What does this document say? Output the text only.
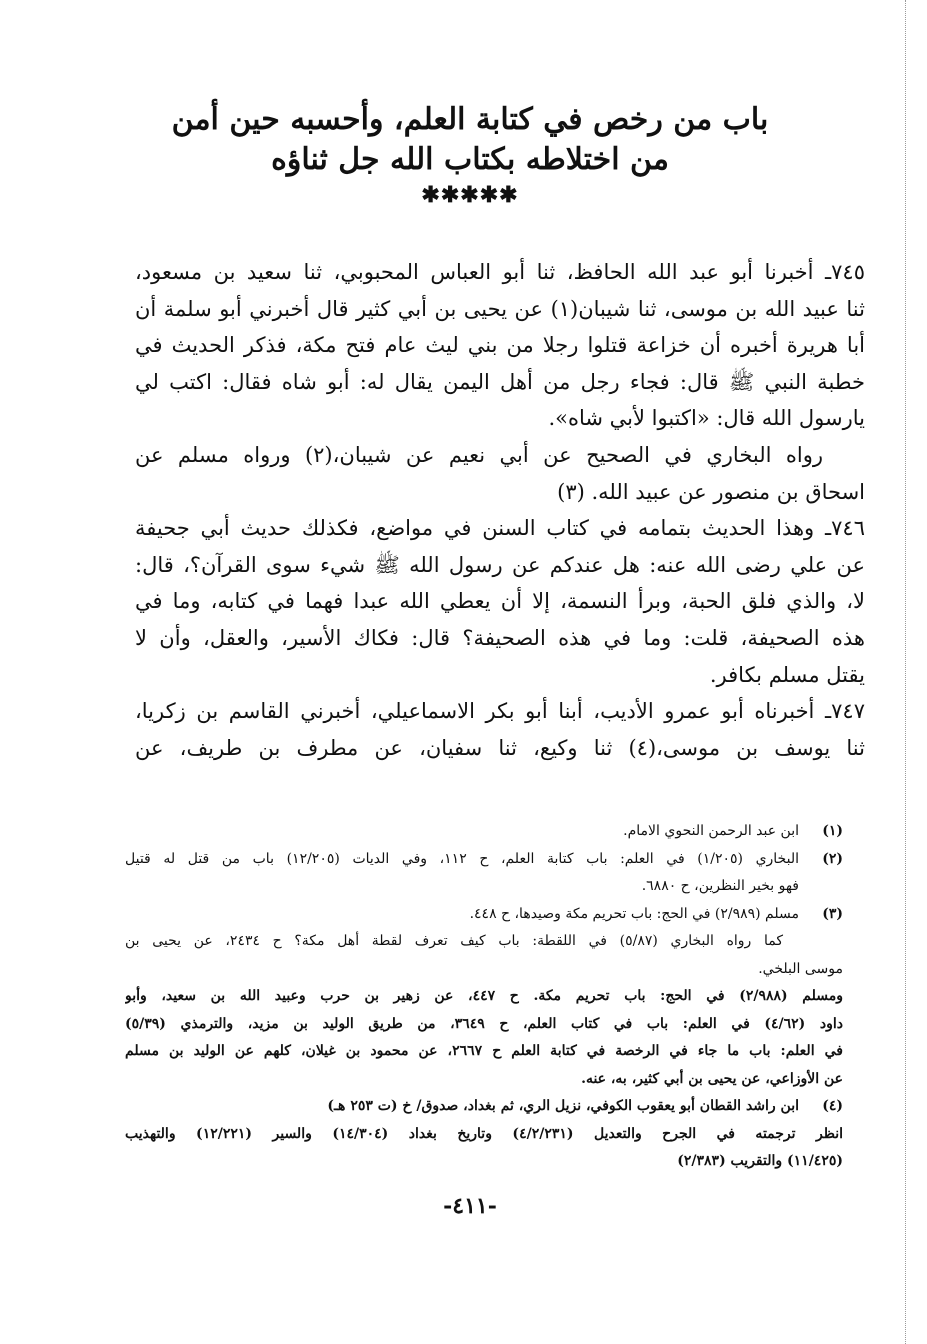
باب من رخص في كتابة العلم، وأحسبه حين أمن
من اختلاطه بكتاب الله جل ثناؤه
✱✱✱✱✱
٧٤٥ـ أخبرنا أبو عبد الله الحافظ، ثنا أبو العباس المحبوبي، ثنا سعيد بن مسعود،
ثنا عبيد الله بن موسى، ثنا شيبان(١) عن يحيى بن أبي كثير قال أخبرني أبو سلمة أن
أبا هريرة أخبره أن خزاعة قتلوا رجلا من بني ليث عام فتح مكة، فذكر الحديث في
خطبة النبي ﷺ قال: فجاء رجل من أهل اليمن يقال له: أبو شاه فقال: اكتب لي
يارسول الله قال: «اكتبوا لأبي شاه».
رواه البخاري في الصحيح عن أبي نعيم عن شيبان،(٢) ورواه مسلم عن
اسحاق بن منصور عن عبيد الله. (٣)
٧٤٦ـ وهذا الحديث بتمامه في كتاب السنن في مواضع، فكذلك حديث أبي جحيفة
عن علي رضى الله عنه: هل عندكم عن رسول الله ﷺ شيء سوى القرآن؟، قال:
لا، والذي فلق الحبة، وبرأ النسمة، إلا أن يعطي الله عبدا فهما في كتابه، وما في
هذه الصحيفة، قلت: وما في هذه الصحيفة؟ قال: فكاك الأسير، والعقل، وأن لا
يقتل مسلم بكافر.
٧٤٧ـ أخبرناه أبو عمرو الأديب، أبنا أبو بكر الاسماعيلي، أخبرني القاسم بن زكريا،
ثنا يوسف بن موسى،(٤) ثنا وكيع، ثنا سفيان، عن مطرف بن طريف، عن
(١)
ابن عبد الرحمن النحوي الامام.
(٢)
البخاري (١/٢٠٥) في العلم: باب كتابة العلم، ح ١١٢، وفي الديات (١٢/٢٠٥) باب من قتل له قتيل
فهو بخير النظرين، ح ٦٨٨٠.
(٣)
مسلم (٢/٩٨٩) في الحج: باب تحريم مكة وصيدها، ح ٤٤٨.
كما رواه البخاري (٥/٨٧) في اللقطة: باب كيف تعرف لقطة أهل مكة؟ ح ٢٤٣٤، عن يحيى بن
موسى البلخي.
ومسلم (٢/٩٨٨) في الحج: باب تحريم مكة. ح ٤٤٧، عن زهير بن حرب وعبيد الله بن سعيد، وأبو
داود (٤/٦٢) في العلم: باب في كتاب العلم، ح ٣٦٤٩، من طريق الوليد بن مزيد، والترمذي (٥/٣٩)
في العلم: باب ما جاء في الرخصة في كتابة العلم ح ٢٦٦٧، عن محمود بن غيلان، كلهم عن الوليد بن مسلم
عن الأوزاعي، عن يحيى بن أبي كثير، به، عنه.
(٤)
ابن راشد القطان أبو يعقوب الكوفي، نزيل الري، ثم بغداد، صدوق/ خ (ت ٢٥٣ هـ)
انظر ترجمته في الجرح والتعديل (٤/٢/٢٣١) وتاريخ بغداد (١٤/٣٠٤) والسير (١٢/٢٢١) والتهذيب
(١١/٤٢٥) والتقريب (٢/٣٨٣)
-٤١١-
